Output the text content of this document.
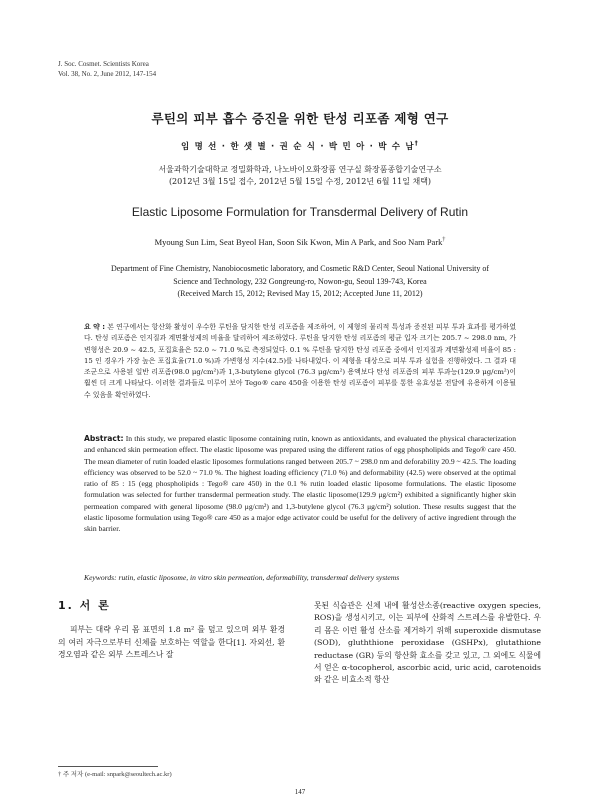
J. Soc. Cosmet. Scientists Korea
Vol. 38, No. 2, June 2012, 147-154
루틴의 피부 흡수 증진을 위한 탄성 리포좀 제형 연구
임 명 선 · 한 샛 별 · 권 순 식 · 박 민 아 · 박 수 남†
서울과학기술대학교 정밀화학과, 나노바이오화장품 연구실 화장품종합기술연구소
(2012년 3월 15일 접수, 2012년 5월 15일 수정, 2012년 6월 11일 채택)
Elastic Liposome Formulation for Transdermal Delivery of Rutin
Myoung Sun Lim, Seat Byeol Han, Soon Sik Kwon, Min A Park, and Soo Nam Park†
Department of Fine Chemistry, Nanobiocosmetic laboratory, and Cosmetic R&D Center, Seoul National University of
Science and Technology, 232 Gongreung-ro, Nowon-gu, Seoul 139-743, Korea
(Received March 15, 2012; Revised May 15, 2012; Accepted June 11, 2012)
요 약 : 본 연구에서는 항산화 활성이 우수한 루틴을 담지한 탄성 리포좀을 제조하여, 이 제형의 물리적 특성과 증진된 피부 투과 효과를 평가하였다. 탄성 리포좀은 인지질과 계면활성제의 비율을 달리하여 제조하였다. 루틴을 담지한 탄성 리포좀의 평균 입자 크기는 205.7 ~ 298.0 nm, 가변형성은 20.9 ~ 42.5, 포집효율은 52.0 ~ 71.0 %로 측정되었다. 0.1 % 루틴을 담지한 탄성 리포좀 중에서 인지질과 계면활성제 비율이 85 : 15 인 경우가 가장 높은 포집효율(71.0 %)과 가변형성 지수(42.5)를 나타내었다. 이 제형을 대상으로 피부 투과 실험을 진행하였다. 그 결과 대조군으로 사용된 일반 리포좀(98.0 μg/cm²)과 1,3-butylene glycol (76.3 μg/cm²) 용액보다 탄성 리포좀의 피부 투과능(129.9 μg/cm²)이 훨씬 더 크게 나타났다. 이러한 결과들로 미루어 보아 Tego® care 450을 이용한 탄성 리포좀이 피부를 통한 유효성분 전달에 유용하게 이용될 수 있음을 확인하였다.
Abstract: In this study, we prepared elastic liposome containing rutin, known as antioxidants, and evaluated the physical characterization and enhanced skin permeation effect. The elastic liposome was prepared using the different ratios of egg phospholipids and Tego® care 450. The mean diameter of rutin loaded elastic liposomes formulations ranged between 205.7 ~ 298.0 nm and deforability 20.9 ~ 42.5. The loading efficiency was observed to be 52.0 ~ 71.0 %. The highest loading efficiency (71.0 %) and deformability (42.5) were observed at the optimal ratio of 85 : 15 (egg phospholipids : Tego® care 450) in the 0.1 % rutin loaded elastic liposome formulations. The elastic liposome formulation was selected for further transdermal permeation study. The elastic liposome(129.9 μg/cm²) exhibited a significantly higher skin permeation compared with general liposome (98.0 μg/cm²) and 1,3-butylene glycol (76.3 μg/cm²) solution. These results suggest that the elastic liposome formulation using Tego® care 450 as a major edge activator could be useful for the delivery of active ingredient through the skin barrier.
Keywords: rutin, elastic liposome, in vitro skin permeation, deformability, transdermal delivery systems
1. 서 론

피부는 대략 우리 몸 표면의 1.8 m² 를 덮고 있으며 외부 환경의 여러 자극으로부터 신체를 보호하는 역할을 한다[1]. 자외선, 환경오염과 같은 외부 스트레스나 잘

못된 식습관은 신체 내에 활성산소종(reactive oxygen species, ROS)을 생성시키고, 이는 피부에 산화적 스트레스를 유발한다. 우리 몸은 이런 활성 산소를 제거하기 위해 superoxide dismutase (SOD), gluththione peroxidase (GSHPx), glutathione reductase (GR) 등의 항산화 효소를 갖고 있고, 그 외에도 식물에서 얻은 α-tocopherol, ascorbic acid, uric acid, carotenoids와 같은 비효소적 항산

† 주 저자 (e-mail: snpark@seoultech.ac.kr)
147
